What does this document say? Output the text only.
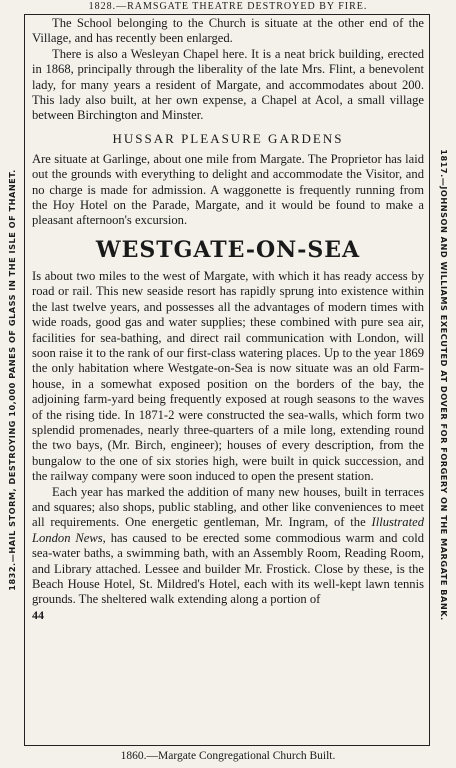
1828.—RAMSGATE THEATRE DESTROYED BY FIRE.
1832.—HAIL STORM, DESTROYING 10,000 PANES OF GLASS IN THE ISLE OF THANET.	1817.—JOHNSON AND WILLIAMS EXECUTED AT DOVER FOR FORGERY ON THE MARGATE BANK.

The School belonging to the Church is situate at the other end of the Village, and has recently been enlarged.

There is also a Wesleyan Chapel here. It is a neat brick building, erected in 1868, principally through the liberality of the late Mrs. Flint, a benevolent lady, for many years a resident of Margate, and accommodates about 200. This lady also built, at her own expense, a Chapel at Acol, a small village between Birchington and Minster.

HUSSAR PLEASURE GARDENS

Are situate at Garlinge, about one mile from Margate. The Proprietor has laid out the grounds with everything to delight and accommodate the Visitor, and no charge is made for admission. A waggonette is frequently running from the Hoy Hotel on the Parade, Margate, and it would be found to make a pleasant afternoon's excursion.

WESTGATE-ON-SEA

Is about two miles to the west of Margate, with which it has ready access by road or rail. This new seaside resort has rapidly sprung into existence within the last twelve years, and possesses all the advantages of modern times with wide roads, good gas and water supplies; these combined with pure sea air, facilities for sea-bathing, and direct rail communication with London, will soon raise it to the rank of our first-class watering places. Up to the year 1869 the only habitation where Westgate-on-Sea is now situate was an old Farm-house, in a somewhat exposed position on the borders of the bay, the adjoining farm-yard being frequently exposed at rough seasons to the waves of the rising tide. In 1871-2 were constructed the sea-walls, which form two splendid promenades, nearly three-quarters of a mile long, extending round the two bays, (Mr. Birch, engineer); houses of every description, from the bungalow to the one of six stories high, were built in quick succession, and the railway company were soon induced to open the present station.

Each year has marked the addition of many new houses, built in terraces and squares; also shops, public stabling, and other like conveniences to meet all requirements. One energetic gentleman, Mr. Ingram, of the Illustrated London News, has caused to be erected some commodious warm and cold sea-water baths, a swimming bath, with an Assembly Room, Reading Room, and Library attached. Lessee and builder Mr. Frostick. Close by these, is the Beach House Hotel, St. Mildred's Hotel, each with its well-kept lawn tennis grounds. The sheltered walk extending along a portion of

44
1860.—Margate Congregational Church Built.
